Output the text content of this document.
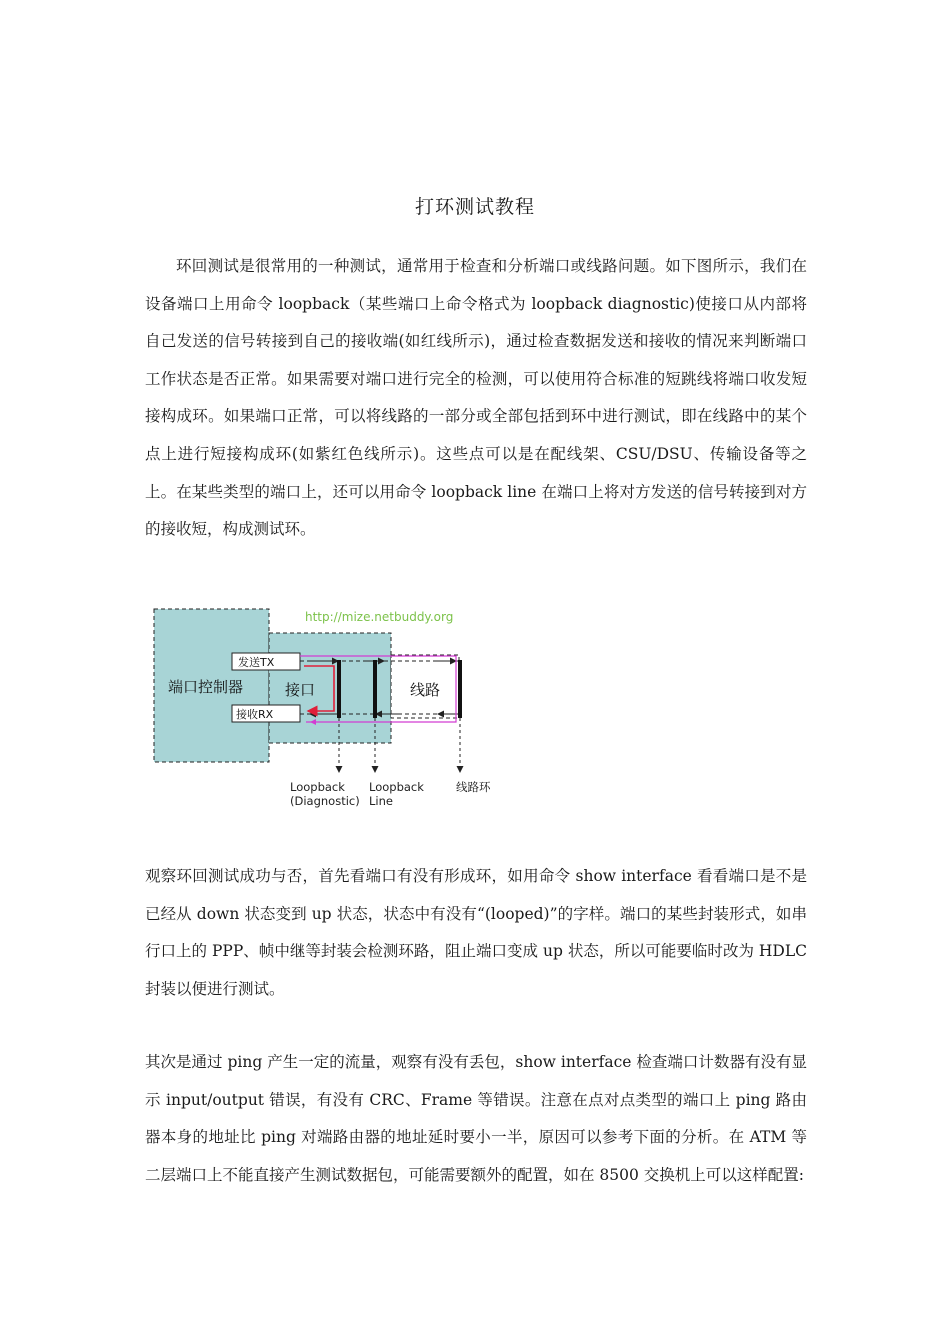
打环测试教程

环回测试是很常用的一种测试，通常用于检查和分析端口或线路问题。如下图所示，我们在设备端口上用命令 loopback（某些端口上命令格式为 loopback diagnostic)使接口从内部将自己发送的信号转接到自己的接收端(如红线所示)，通过检查数据发送和接收的情况来判断端口工作状态是否正常。如果需要对端口进行完全的检测，可以使用符合标准的短跳线将端口收发短接构成环。如果端口正常，可以将线路的一部分或全部包括到环中进行测试，即在线路中的某个点上进行短接构成环(如紫红色线所示)。这些点可以是在配线架、CSU/DSU、传输设备等之上。在某些类型的端口上，还可以用命令 loopback line 在端口上将对方发送的信号转接到对方的接收短，构成测试环。

端口控制器	接口	线路
http://mize.netbuddy.org
发送TX
接收RX
Loopback
(Diagnostic)
Loopback
Line
线路环

观察环回测试成功与否，首先看端口有没有形成环，如用命令 show interface 看看端口是不是已经从 down 状态变到 up 状态，状态中有没有“(looped)”的字样。端口的某些封装形式，如串行口上的 PPP、帧中继等封装会检测环路，阻止端口变成 up 状态，所以可能要临时改为 HDLC 封装以便进行测试。

其次是通过 ping 产生一定的流量，观察有没有丢包，show interface 检查端口计数器有没有显示 input/output 错误，有没有 CRC、Frame 等错误。注意在点对点类型的端口上 ping 路由器本身的地址比 ping 对端路由器的地址延时要小一半，原因可以参考下面的分析。在 ATM 等二层端口上不能直接产生测试数据包，可能需要额外的配置，如在 8500 交换机上可以这样配置:
